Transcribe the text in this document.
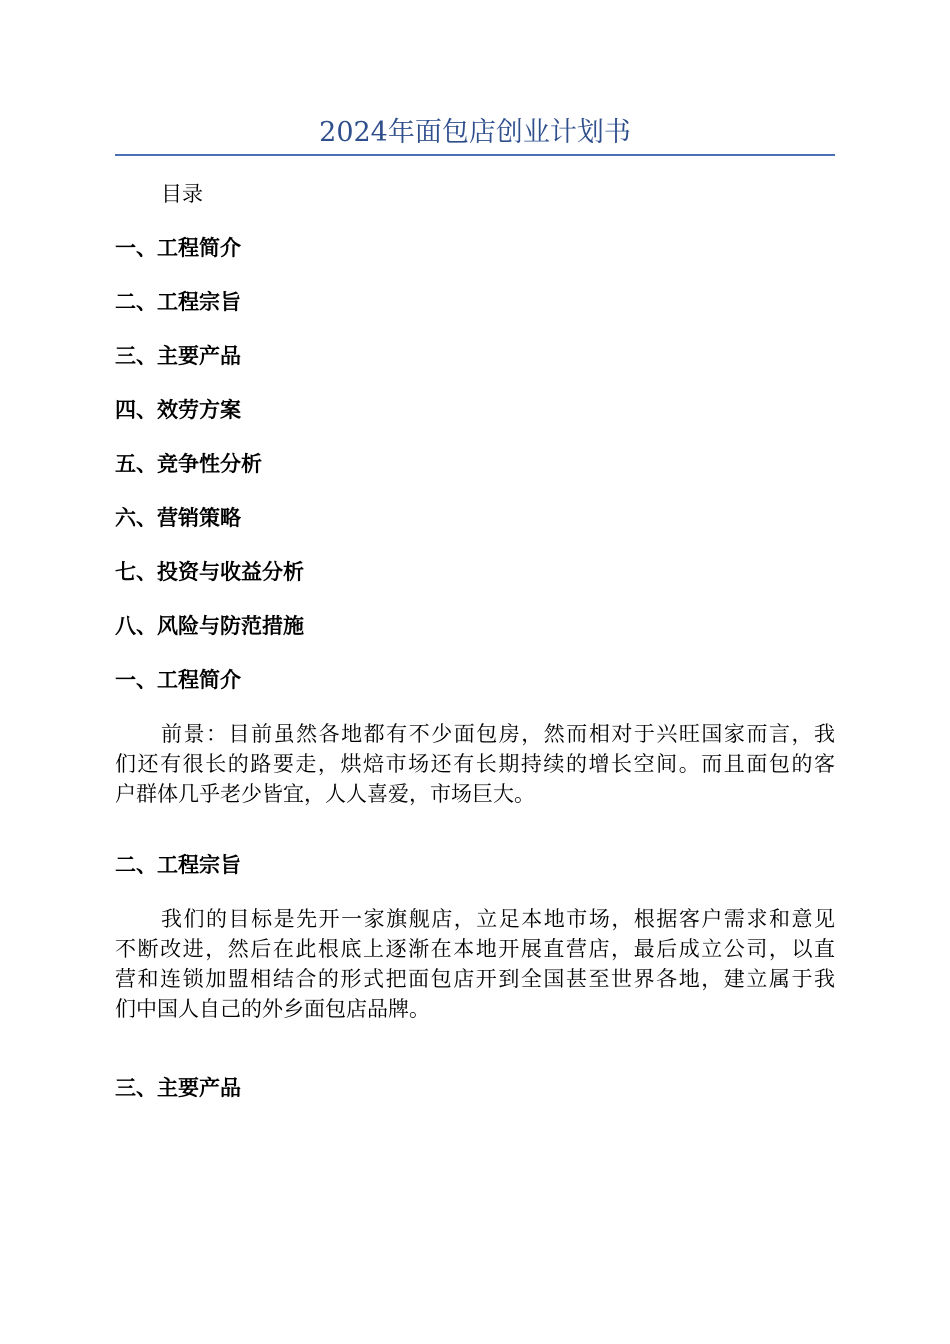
2024年面包店创业计划书
目录
一、工程简介
二、工程宗旨
三、主要产品
四、效劳方案
五、竞争性分析
六、营销策略
七、投资与收益分析
八、风险与防范措施
一、工程简介
前景：目前虽然各地都有不少面包房，然而相对于兴旺国家而言，我
们还有很长的路要走，烘焙市场还有长期持续的增长空间。而且面包的客
户群体几乎老少皆宜，人人喜爱，市场巨大。
二、工程宗旨
我们的目标是先开一家旗舰店，立足本地市场，根据客户需求和意见
不断改进，然后在此根底上逐渐在本地开展直营店，最后成立公司，以直
营和连锁加盟相结合的形式把面包店开到全国甚至世界各地，建立属于我
们中国人自己的外乡面包店品牌。
三、主要产品
